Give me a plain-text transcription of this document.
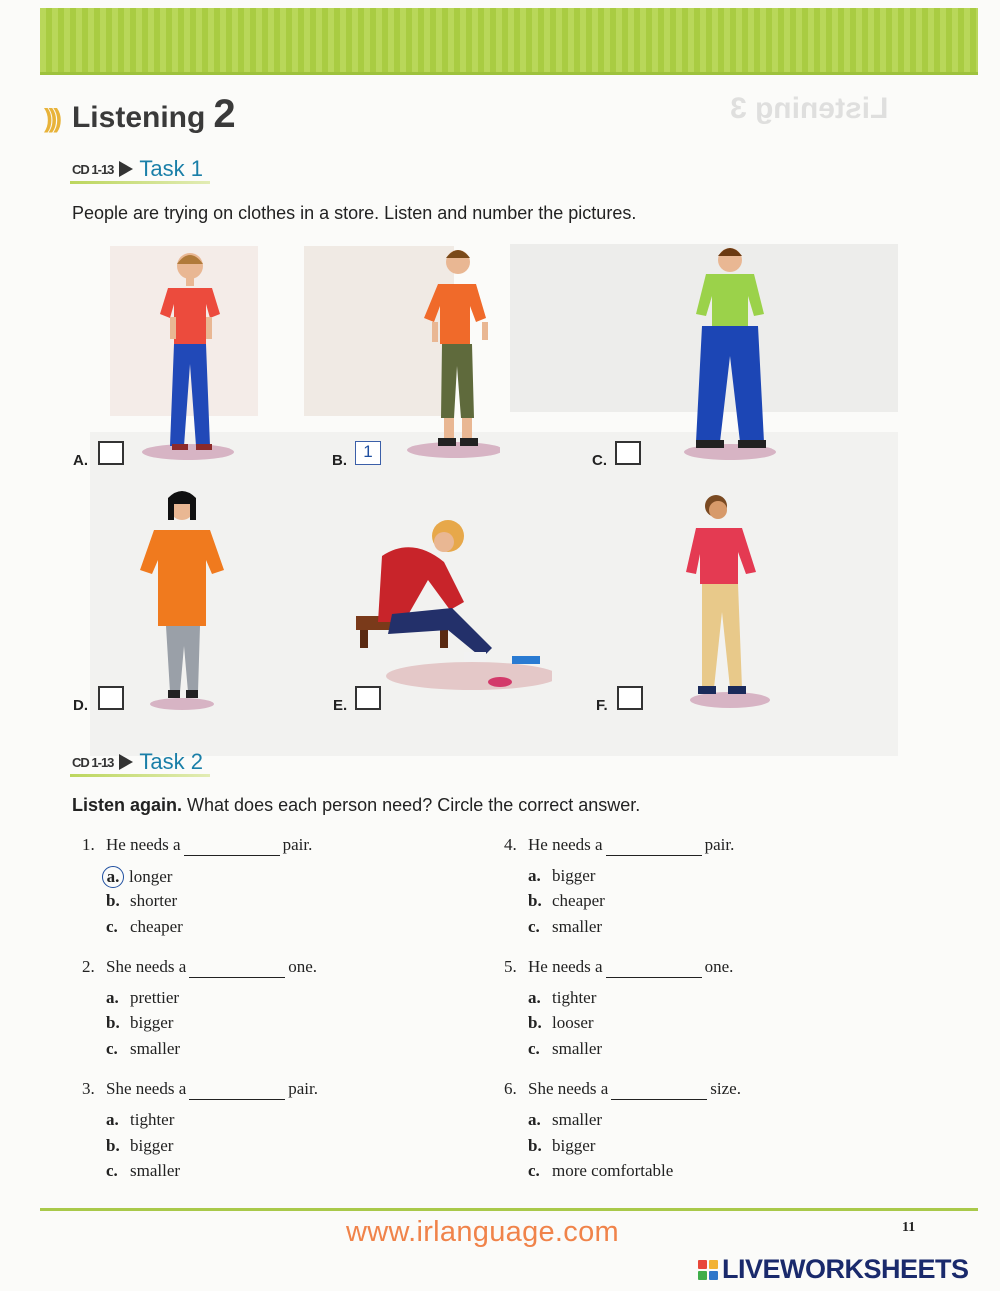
Listening 3
))) Listening 2
CD 1-13 Task 1
People are trying on clothes in a store. Listen and number the pictures.
A.	B. 1	C.
D.	E.	F.
CD 1-13 Task 2
Listen again. What does each person need? Circle the correct answer.
1. He needs a	pair.
a. longer
b. shorter
c. cheaper
2. She needs a	one.
a. prettier
b. bigger
c. smaller
3. She needs a	pair.
a. tighter
b. bigger
c. smaller
4. He needs a	pair.
a. bigger
b. cheaper
c. smaller
5. He needs a	one.
a. tighter
b. looser
c. smaller
6. She needs a	size.
a. smaller
b. bigger
c. more comfortable
11
www.irlanguage.com
LIVEWORKSHEETS
